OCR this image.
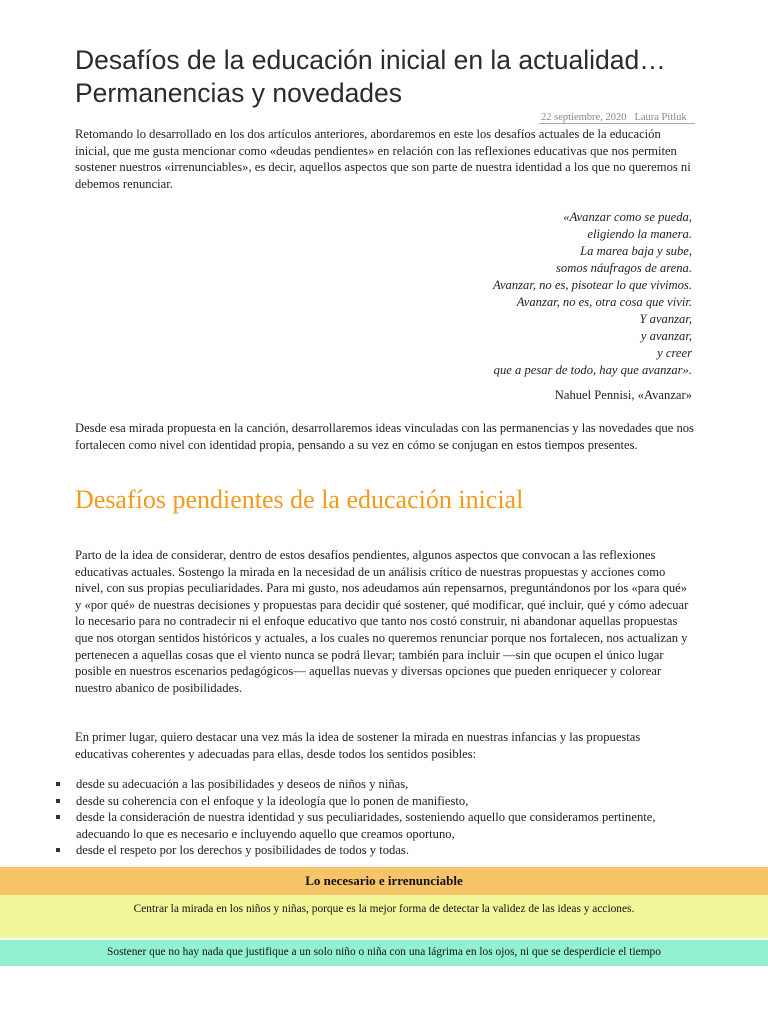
Desafíos de la educación inicial en la actualidad… Permanencias y novedades
22 septiembre, 2020 Laura Pitluk

Retomando lo desarrollado en los dos artículos anteriores, abordaremos en este los desafíos actuales de la educación inicial, que me gusta mencionar como «deudas pendientes» en relación con las reflexiones educativas que nos permiten sostener nuestros «irrenunciables», es decir, aquellos aspectos que son parte de nuestra identidad a los que no queremos ni debemos renunciar.

«Avanzar como se pueda,
eligiendo la manera.
La marea baja y sube,
somos náufragos de arena.
Avanzar, no es, pisotear lo que vivimos.
Avanzar, no es, otra cosa que vivir.
Y avanzar,
y avanzar,
y creer
que a pesar de todo, hay que avanzar».
Nahuel Pennisi, «Avanzar»

Desde esa mirada propuesta en la canción, desarrollaremos ideas vinculadas con las permanencias y las novedades que nos fortalecen como nivel con identidad propia, pensando a su vez en cómo se conjugan en estos tiempos presentes.

Desafíos pendientes de la educación inicial

Parto de la idea de considerar, dentro de estos desafíos pendientes, algunos aspectos que convocan a las reflexiones educativas actuales. Sostengo la mirada en la necesidad de un análisis crítico de nuestras propuestas y acciones como nivel, con sus propias peculiaridades. Para mi gusto, nos adeudamos aún repensarnos, preguntándonos por los «para qué» y «por qué» de nuestras decisiones y propuestas para decidir qué sostener, qué modificar, qué incluir, qué y cómo adecuar lo necesario para no contradecir ni el enfoque educativo que tanto nos costó construir, ni abandonar aquellas propuestas que nos otorgan sentidos históricos y actuales, a los cuales no queremos renunciar porque nos fortalecen, nos actualizan y pertenecen a aquellas cosas que el viento nunca se podrá llevar; también para incluir —sin que ocupen el único lugar posible en nuestros escenarios pedagógicos— aquellas nuevas y diversas opciones que pueden enriquecer y colorear nuestro abanico de posibilidades.

En primer lugar, quiero destacar una vez más la idea de sostener la mirada en nuestras infancias y las propuestas educativas coherentes y adecuadas para ellas, desde todos los sentidos posibles:

desde su adecuación a las posibilidades y deseos de niños y niñas,
desde su coherencia con el enfoque y la ideología que lo ponen de manifiesto,
desde la consideración de nuestra identidad y sus peculiaridades, sosteniendo aquello que consideramos pertinente, adecuando lo que es necesario e incluyendo aquello que creamos oportuno,
desde el respeto por los derechos y posibilidades de todos y todas.
Lo necesario e irrenunciable
Centrar la mirada en los niños y niñas, porque es la mejor forma de detectar la validez de las ideas y acciones.
Sostener que no hay nada que justifique a un solo niño o niña con una lágrima en los ojos, ni que se desperdicie el tiempo
